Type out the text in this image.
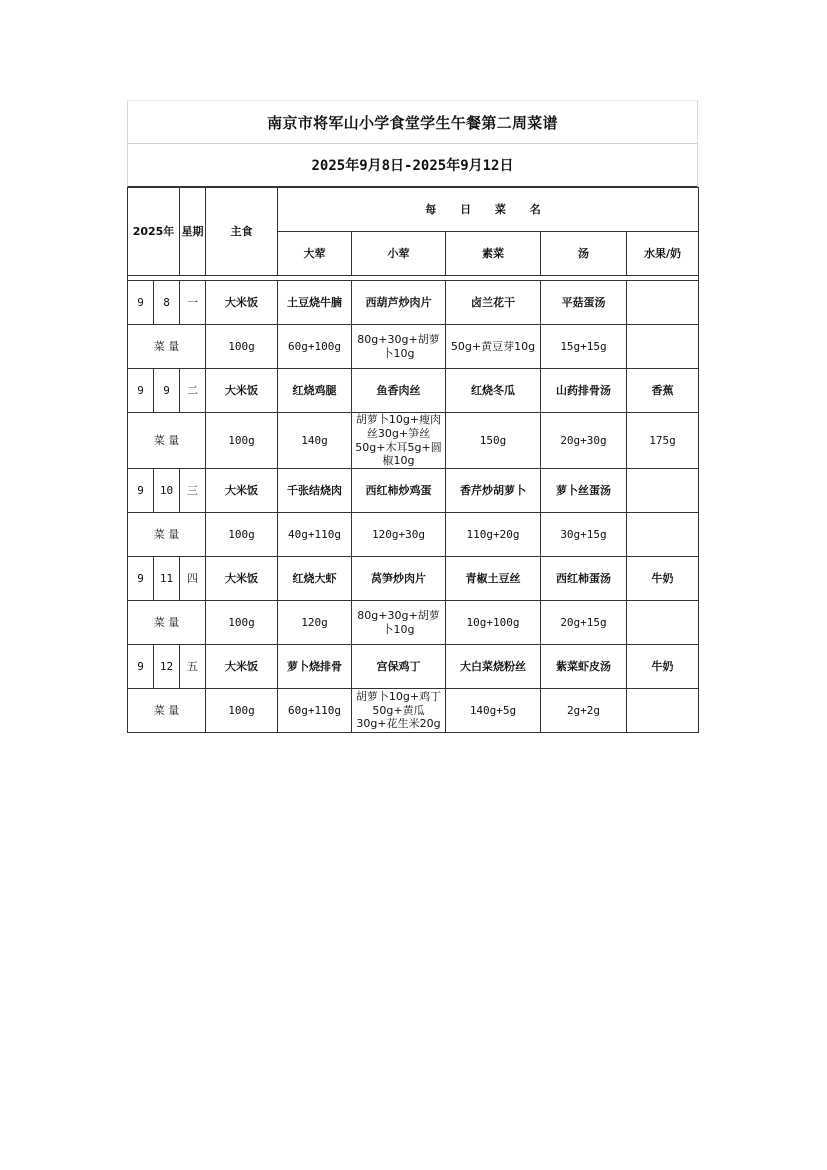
南京市将军山小学食堂学生午餐第二周菜谱
2025年9月8日-2025年9月12日
2025年		星期	主食	每 日 菜 名				
				大荤	小荤	素菜	汤	水果/奶

9	8	一	大米饭	土豆烧牛腩	西葫芦炒肉片	卤兰花干	平菇蛋汤	
菜 量			100g	60g+100g	80g+30g+胡萝卜10g	50g+黄豆芽10g	15g+15g	
9	9	二	大米饭	红烧鸡腿	鱼香肉丝	红烧冬瓜	山药排骨汤	香蕉
菜 量			100g	140g	胡萝卜10g+瘦肉丝30g+笋丝50g+木耳5g+圆椒10g	150g	20g+30g	175g
9	10	三	大米饭	千张结烧肉	西红柿炒鸡蛋	香芹炒胡萝卜	萝卜丝蛋汤	
菜 量			100g	40g+110g	120g+30g	110g+20g	30g+15g	
9	11	四	大米饭	红烧大虾	莴笋炒肉片	青椒土豆丝	西红柿蛋汤	牛奶
菜 量			100g	120g	80g+30g+胡萝卜10g	10g+100g	20g+15g	
9	12	五	大米饭	萝卜烧排骨	宫保鸡丁	大白菜烧粉丝	紫菜虾皮汤	牛奶
菜 量			100g	60g+110g	胡萝卜10g+鸡丁50g+黄瓜30g+花生米20g	140g+5g	2g+2g	
